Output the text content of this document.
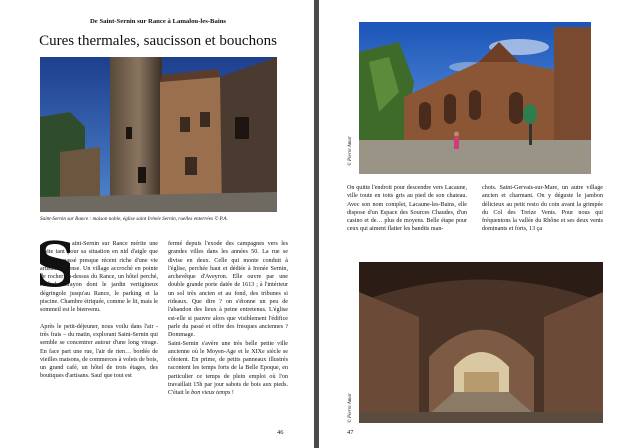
De Saint-Sernin sur Rance à Lamalou-les-Bains
Cures thermales, saucisson et bouchons
Saint-Sernin sur Rance : maison noble, église saint Irénée Sernin, ruelles enterrées © P.A.
S

aint-Sernin sur Rance mérite une visite tant pour sa situation en nid d'aigle que pour un passé presque récent riche d'une vie artisanale dense. Un village accroché en pointe de rocher au-dessus du Rance, un hôtel perché, l'Hôtel Carayon dont le jardin vertigineux dégringole jusqu'au Rance, le parking et la piscine. Chambre étriquée, comme le lit, mais le sommeil est le bienvenu.

Après le petit-déjeuner, nous voilu dans l'air - très frais – du matin, explorant Saint-Sernin qui semble se concentrer autour d'une long virage. En face part une rue, l'air de rien… bordée de vieilles maisons, de commerces à volets de bois, un grand café, un hôtel de trois étages, des boutiques d'artisans. Sauf que tout est

fermé depuis l'exode des campagnes vers les grandes villes dans les années 50. La rue se divise en deux. Celle qui monte conduit à l'église, perchée haut et dédiée à Irenée Sernin, archevêque d'Aveyron. Elle ouvre par une double grande porte datée de 1613 ; à l'intérieur un sol très ancien et au fond, des tribunes si rideaux. Que dire ? on s'étonne un peu de l'abandon des lieux à peine entretenus. L'église est-elle si pauvre alors que visiblement l'édifice parle du passé et offre des fresques anciennes ? Dommage.

Saint-Sernin s'avère une très belle petite ville ancienne où le Moyen-Age et le XIXe siècle se côtoient. En prime, de petits panneaux illustrés racontent les temps forts de la Belle Epoque, en particulier ce temps de plein emploi où l'on travaillait 15h par jour sabots de bois aux pieds. C'était le bon vieux temps !

46
© Pierre Amar

On quitte l'endroit pour descendre vers Lacaune, ville toute en toits gris au pied de son chateau. Avec son nom complet, Lacaune-les-Bains, elle dispose d'un Espace des Sources Chaudes, d'un casino et de… plus de moyens. Belle étape pour ceux qui aiment flatter les bandits man-

chots. Saint-Gervais-sur-Mare, un autre village ancien et charmant. On y déguste le jambon délicieux au petit resto du coin avant la grimpée du Col des Treize Vents. Pour nous qui fréquentons la vallée du Rhône et ses deux vents dominants et forts, 13 ça

© Pierre Amar
47
